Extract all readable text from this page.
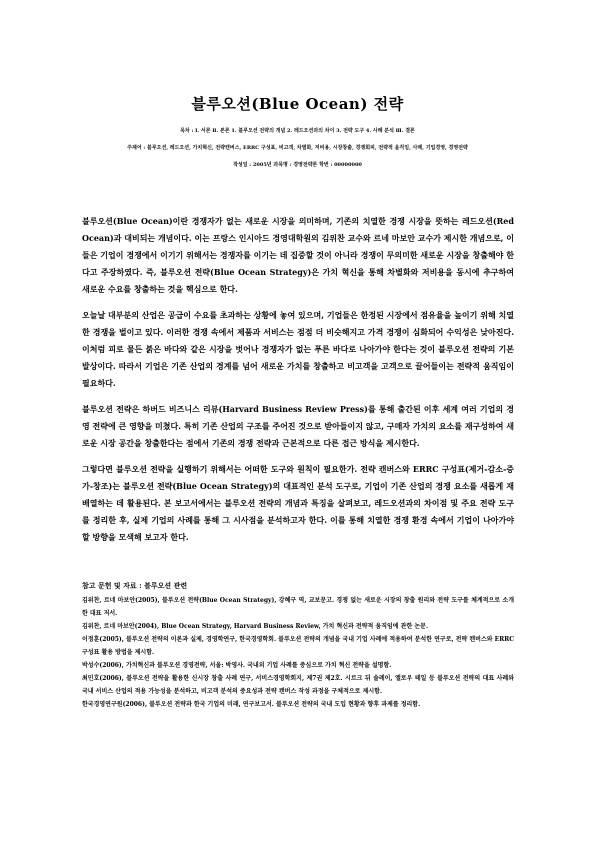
블루오션(Blue Ocean) 전략
목차 : Ⅰ. 서론 Ⅱ. 본론 1. 블루오션 전략의 개념 2. 레드오션과의 차이 3. 전략 도구 4. 사례 분석 Ⅲ. 결론
주제어 : 블루오션, 레드오션, 가치혁신, 전략캔버스, ERRC 구성표, 비고객, 차별화, 저비용, 시장창출, 경쟁회피, 전략적 움직임, 사례, 기업경영, 경영전략
작성일 : 2005년 과목명 : 경영전략론 학번 : 00000000

블루오션(Blue Ocean)이란 경쟁자가 없는 새로운 시장을 의미하며, 기존의 치열한 경쟁 시장을 뜻하는 레드오션(Red Ocean)과 대비되는 개념이다. 이는 프랑스 인시아드 경영대학원의 김위찬 교수와 르네 마보안 교수가 제시한 개념으로, 이들은 기업이 경쟁에서 이기기 위해서는 경쟁자를 이기는 데 집중할 것이 아니라 경쟁이 무의미한 새로운 시장을 창출해야 한다고 주장하였다. 즉, 블루오션 전략(Blue Ocean Strategy)은 가치 혁신을 통해 차별화와 저비용을 동시에 추구하여 새로운 수요를 창출하는 것을 핵심으로 한다.

오늘날 대부분의 산업은 공급이 수요를 초과하는 상황에 놓여 있으며, 기업들은 한정된 시장에서 점유율을 높이기 위해 치열한 경쟁을 벌이고 있다. 이러한 경쟁 속에서 제품과 서비스는 점점 더 비슷해지고 가격 경쟁이 심화되어 수익성은 낮아진다. 이처럼 피로 물든 붉은 바다와 같은 시장을 벗어나 경쟁자가 없는 푸른 바다로 나아가야 한다는 것이 블루오션 전략의 기본 발상이다. 따라서 기업은 기존 산업의 경계를 넘어 새로운 가치를 창출하고 비고객을 고객으로 끌어들이는 전략적 움직임이 필요하다.

블루오션 전략은 하버드 비즈니스 리뷰(Harvard Business Review Press)를 통해 출간된 이후 세계 여러 기업의 경영 전략에 큰 영향을 미쳤다. 특히 기존 산업의 구조를 주어진 것으로 받아들이지 않고, 구매자 가치의 요소를 재구성하여 새로운 시장 공간을 창출한다는 점에서 기존의 경쟁 전략과 근본적으로 다른 접근 방식을 제시한다.

그렇다면 블루오션 전략을 실행하기 위해서는 어떠한 도구와 원칙이 필요한가. 전략 캔버스와 ERRC 구성표(제거-감소-증가-창조)는 블루오션 전략(Blue Ocean Strategy)의 대표적인 분석 도구로, 기업이 기존 산업의 경쟁 요소를 새롭게 재배열하는 데 활용된다. 본 보고서에서는 블루오션 전략의 개념과 특징을 살펴보고, 레드오션과의 차이점 및 주요 전략 도구를 정리한 후, 실제 기업의 사례를 통해 그 시사점을 분석하고자 한다. 이를 통해 치열한 경쟁 환경 속에서 기업이 나아가야 할 방향을 모색해 보고자 한다.

참고 문헌 및 자료 : 블루오션 관련

김위찬, 르네 마보안(2005), 블루오션 전략(Blue Ocean Strategy), 강혜구 역, 교보문고. 경쟁 없는 새로운 시장의 창출 원리와 전략 도구를 체계적으로 소개한 대표 저서.

김위찬, 르네 마보안(2004), Blue Ocean Strategy, Harvard Business Review, 가치 혁신과 전략적 움직임에 관한 논문.

이정훈(2005), 블루오션 전략의 이론과 실제, 경영학연구, 한국경영학회. 블루오션 전략의 개념을 국내 기업 사례에 적용하여 분석한 연구로, 전략 캔버스와 ERRC 구성표 활용 방법을 제시함.

박성수(2006), 가치혁신과 블루오션 경영전략, 서울: 박영사. 국내외 기업 사례를 중심으로 가치 혁신 전략을 설명함.

최민호(2006), 블루오션 전략을 활용한 신시장 창출 사례 연구, 서비스경영학회지, 제7권 제2호. 시르크 뒤 솔레이, 옐로우 테일 등 블루오션 전략의 대표 사례와 국내 서비스 산업의 적용 가능성을 분석하고, 비고객 분석의 중요성과 전략 캔버스 작성 과정을 구체적으로 제시함.

한국경영연구원(2006), 블루오션 전략과 한국 기업의 미래, 연구보고서. 블루오션 전략의 국내 도입 현황과 향후 과제를 정리함.
